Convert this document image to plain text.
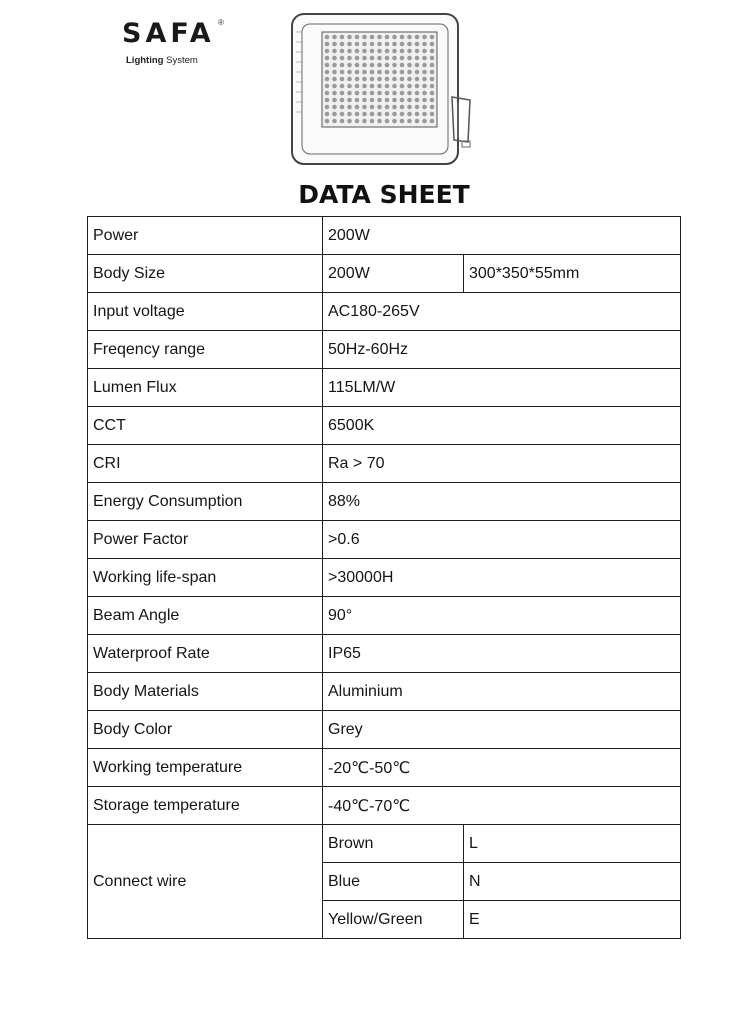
SAFA ®
Lighting System
DATA SHEET
Power	200W	
Body Size	200W	300*350*55mm
Input voltage	AC180-265V	
Freqency range	50Hz-60Hz	
Lumen Flux	115LM/W	
CCT	6500K	
CRI	Ra > 70	
Energy Consumption	88%	
Power Factor	>0.6	
Working life-span	>30000H	
Beam Angle	90°	
Waterproof Rate	IP65	
Body Materials	Aluminium	
Body Color	Grey	
Working temperature	-20℃-50℃	
Storage temperature	-40℃-70℃	
Connect wire	Brown	L
	Blue	N
	Yellow/Green	E
